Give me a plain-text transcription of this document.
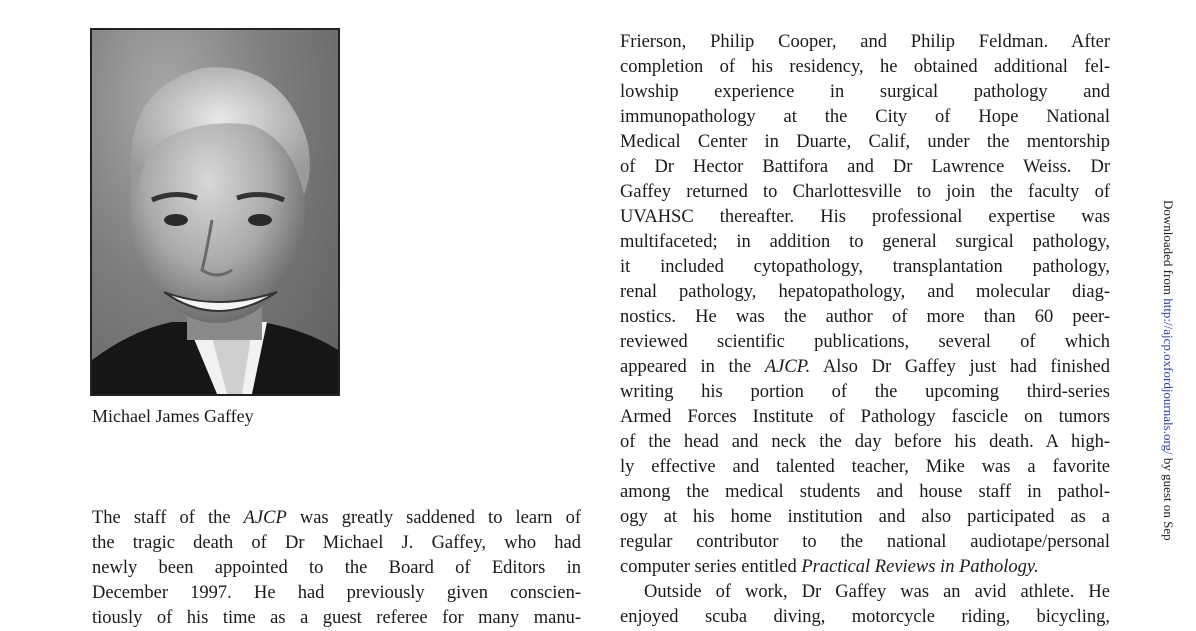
Michael James Gaffey
The staff of the AJCP was greatly saddened to learn of
the tragic death of Dr Michael J. Gaffey, who had
newly been appointed to the Board of Editors in
December 1997. He had previously given conscien-
tiously of his time as a guest referee for many manu-
Frierson, Philip Cooper, and Philip Feldman. After
completion of his residency, he obtained additional fel-
lowship experience in surgical pathology and
immunopathology at the City of Hope National
Medical Center in Duarte, Calif, under the mentorship
of Dr Hector Battifora and Dr Lawrence Weiss. Dr
Gaffey returned to Charlottesville to join the faculty of
UVAHSC thereafter. His professional expertise was
multifaceted; in addition to general surgical pathology,
it included cytopathology, transplantation pathology,
renal pathology, hepatopathology, and molecular diag-
nostics. He was the author of more than 60 peer-
reviewed scientific publications, several of which
appeared in the AJCP. Also Dr Gaffey just had finished
writing his portion of the upcoming third-series
Armed Forces Institute of Pathology fascicle on tumors
of the head and neck the day before his death. A high-
ly effective and talented teacher, Mike was a favorite
among the medical students and house staff in pathol-
ogy at his home institution and also participated as a
regular contributor to the national audiotape/personal
computer series entitled Practical Reviews in Pathology.
Outside of work, Dr Gaffey was an avid athlete. He
enjoyed scuba diving, motorcycle riding, bicycling,
Downloaded from http://ajcp.oxfordjournals.org/ by guest on Sep
